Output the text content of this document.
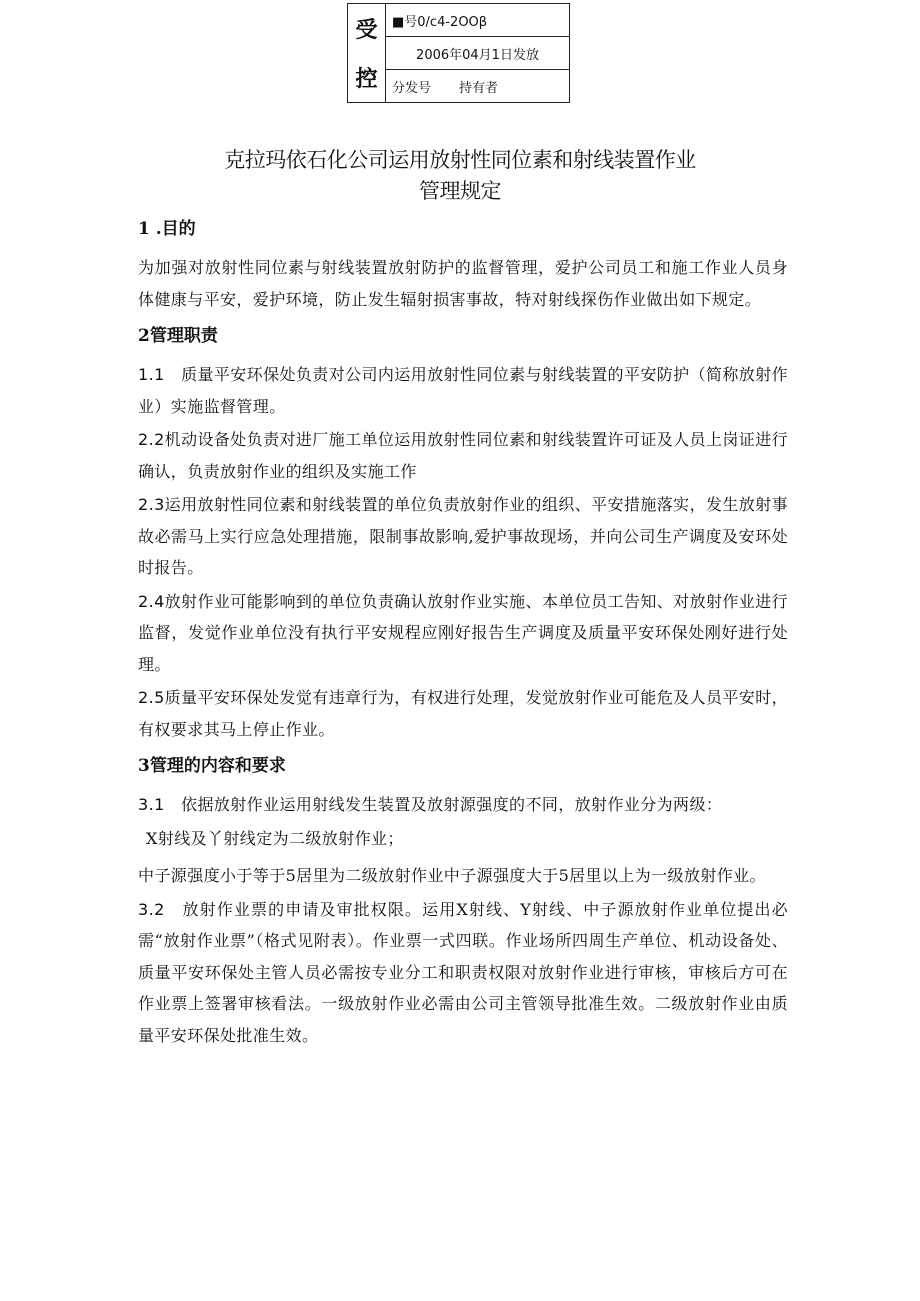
受
控
■号0/c4-2OOβ
2006年04月1日发放
分发号 持有者
克拉玛依石化公司运用放射性同位素和射线装置作业
管理规定
1 .目的

为加强对放射性同位素与射线装置放射防护的监督管理，爱护公司员工和施工作业人员身体健康与平安，爱护环境，防止发生辐射损害事故，特对射线探伤作业做出如下规定。

2管理职责

1.1　质量平安环保处负责对公司内运用放射性同位素与射线装置的平安防护（简称放射作业）实施监督管理。

2.2机动设备处负责对进厂施工单位运用放射性同位素和射线装置许可证及人员上岗证进行确认，负责放射作业的组织及实施工作

2.3运用放射性同位素和射线装置的单位负责放射作业的组织、平安措施落实，发生放射事故必需马上实行应急处理措施，限制事故影响,爱护事故现场，并向公司生产调度及安环处时报告。

2.4放射作业可能影响到的单位负责确认放射作业实施、本单位员工告知、对放射作业进行监督，发觉作业单位没有执行平安规程应刚好报告生产调度及质量平安环保处刚好进行处理。

2.5质量平安环保处发觉有违章行为，有权进行处理，发觉放射作业可能危及人员平安时，有权要求其马上停止作业。

3管理的内容和要求

3.1　依据放射作业运用射线发生装置及放射源强度的不同，放射作业分为两级：

X射线及丫射线定为二级放射作业；

中子源强度小于等于5居里为二级放射作业中子源强度大于5居里以上为一级放射作业。

3.2　放射作业票的申请及审批权限。运用X射线、Y射线、中子源放射作业单位提出必需“放射作业票”（格式见附表）。作业票一式四联。作业场所四周生产单位、机动设备处、质量平安环保处主管人员必需按专业分工和职责权限对放射作业进行审核，审核后方可在作业票上签署审核看法。一级放射作业必需由公司主管领导批准生效。二级放射作业由质量平安环保处批准生效。
